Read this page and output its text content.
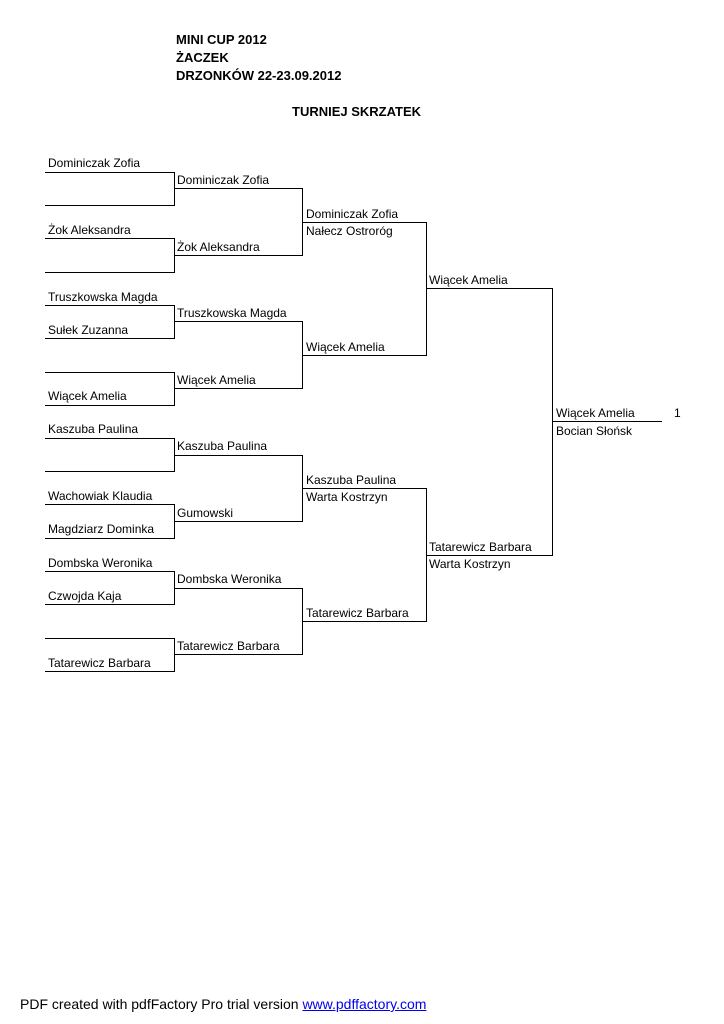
MINI CUP 2012
ŻACZEK
DRZONKÓW 22-23.09.2012
TURNIEJ SKRZATEK
Dominiczak Zofia
Żok Aleksandra
Truszkowska Magda
Sułek Zuzanna
Wiącek Amelia
Kaszuba Paulina
Wachowiak Klaudia
Magdziarz Dominka
Dombska Weronika
Czwojda Kaja
Tatarewicz Barbara
Dominiczak Zofia
Żok Aleksandra
Truszkowska Magda
Wiącek Amelia
Kaszuba Paulina
Gumowski
Dombska Weronika
Tatarewicz Barbara
Dominiczak Zofia
Nałecz Ostroróg
Wiącek Amelia
Kaszuba Paulina
Warta Kostrzyn
Tatarewicz Barbara
Wiącek Amelia
Tatarewicz Barbara
Warta Kostrzyn
Wiącek Amelia
Bocian Słońsk
1
PDF created with pdfFactory Pro trial version www.pdffactory.com
